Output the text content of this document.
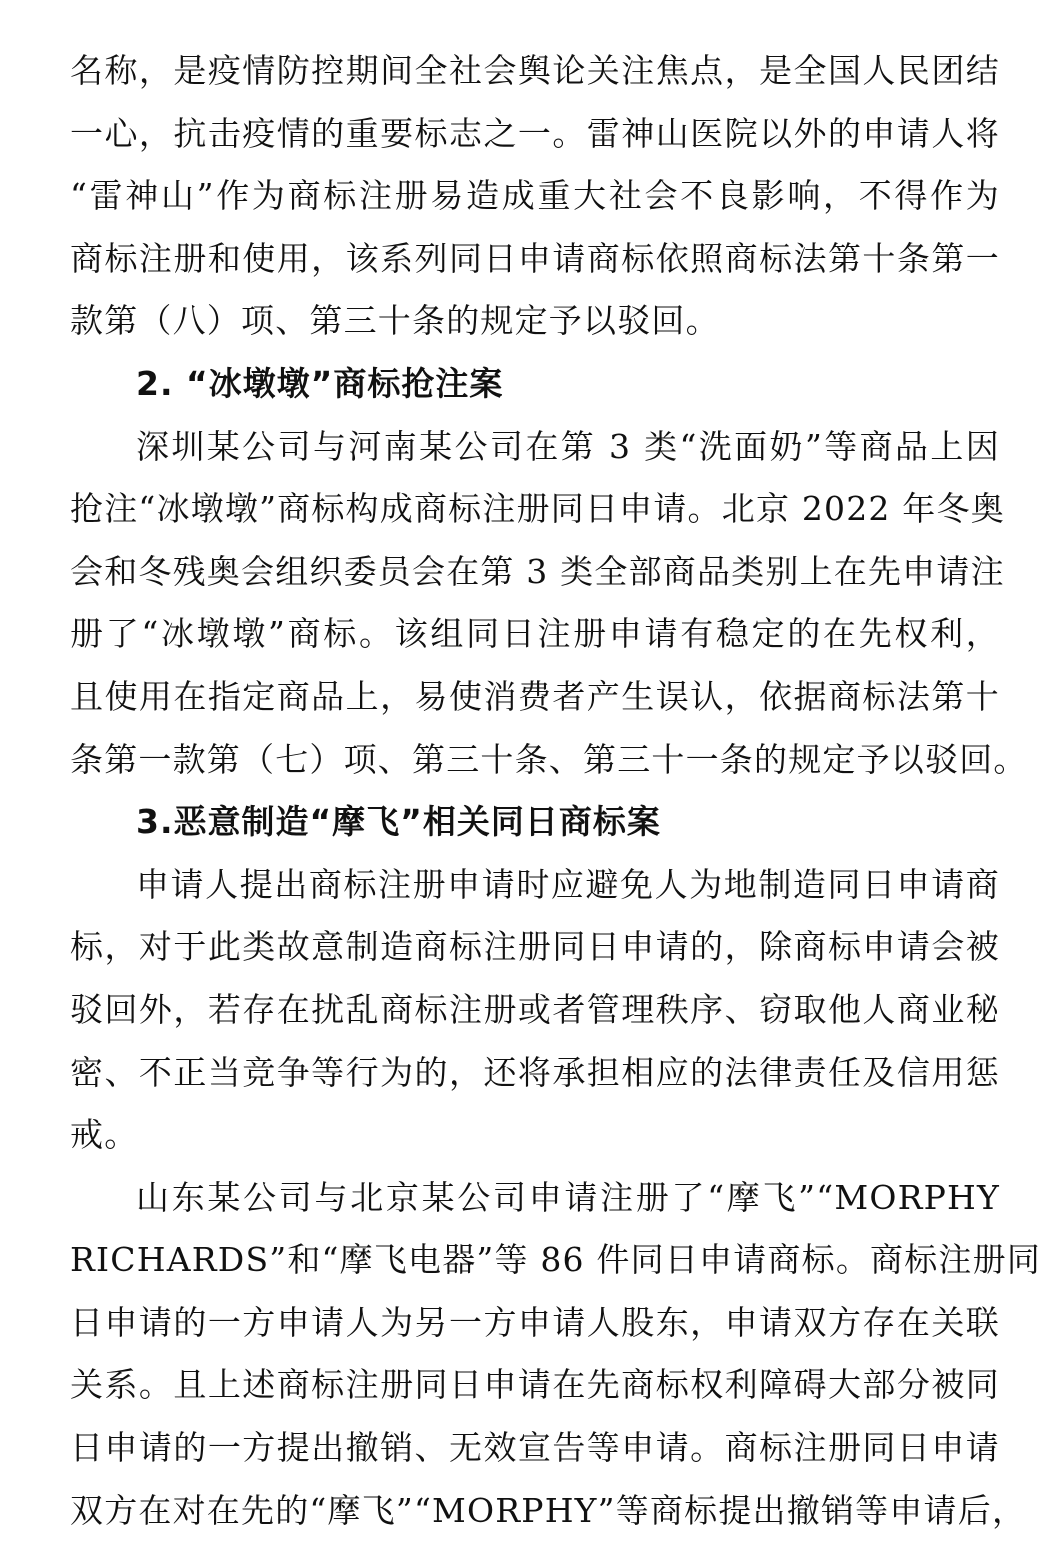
名称，是疫情防控期间全社会舆论关注焦点，是全国人民团结
一心，抗击疫情的重要标志之一。雷神山医院以外的申请人将
“雷神山”作为商标注册易造成重大社会不良影响，不得作为
商标注册和使用，该系列同日申请商标依照商标法第十条第一
款第（八）项、第三十条的规定予以驳回。
2. “冰墩墩”商标抢注案
深圳某公司与河南某公司在第 3 类“洗面奶”等商品上因
抢注“冰墩墩”商标构成商标注册同日申请。北京 2022 年冬奥
会和冬残奥会组织委员会在第 3 类全部商品类别上在先申请注
册了“冰墩墩”商标。该组同日注册申请有稳定的在先权利，
且使用在指定商品上，易使消费者产生误认，依据商标法第十
条第一款第（七）项、第三十条、第三十一条的规定予以驳回。
3.恶意制造“摩飞”相关同日商标案
申请人提出商标注册申请时应避免人为地制造同日申请商
标，对于此类故意制造商标注册同日申请的，除商标申请会被
驳回外，若存在扰乱商标注册或者管理秩序、窃取他人商业秘
密、不正当竞争等行为的，还将承担相应的法律责任及信用惩
戒。
山东某公司与北京某公司申请注册了“摩飞”“MORPHY
RICHARDS”和“摩飞电器”等 86 件同日申请商标。商标注册同
日申请的一方申请人为另一方申请人股东，申请双方存在关联
关系。且上述商标注册同日申请在先商标权利障碍大部分被同
日申请的一方提出撤销、无效宣告等申请。商标注册同日申请
双方在对在先的“摩飞”“MORPHY”等商标提出撤销等申请后，
